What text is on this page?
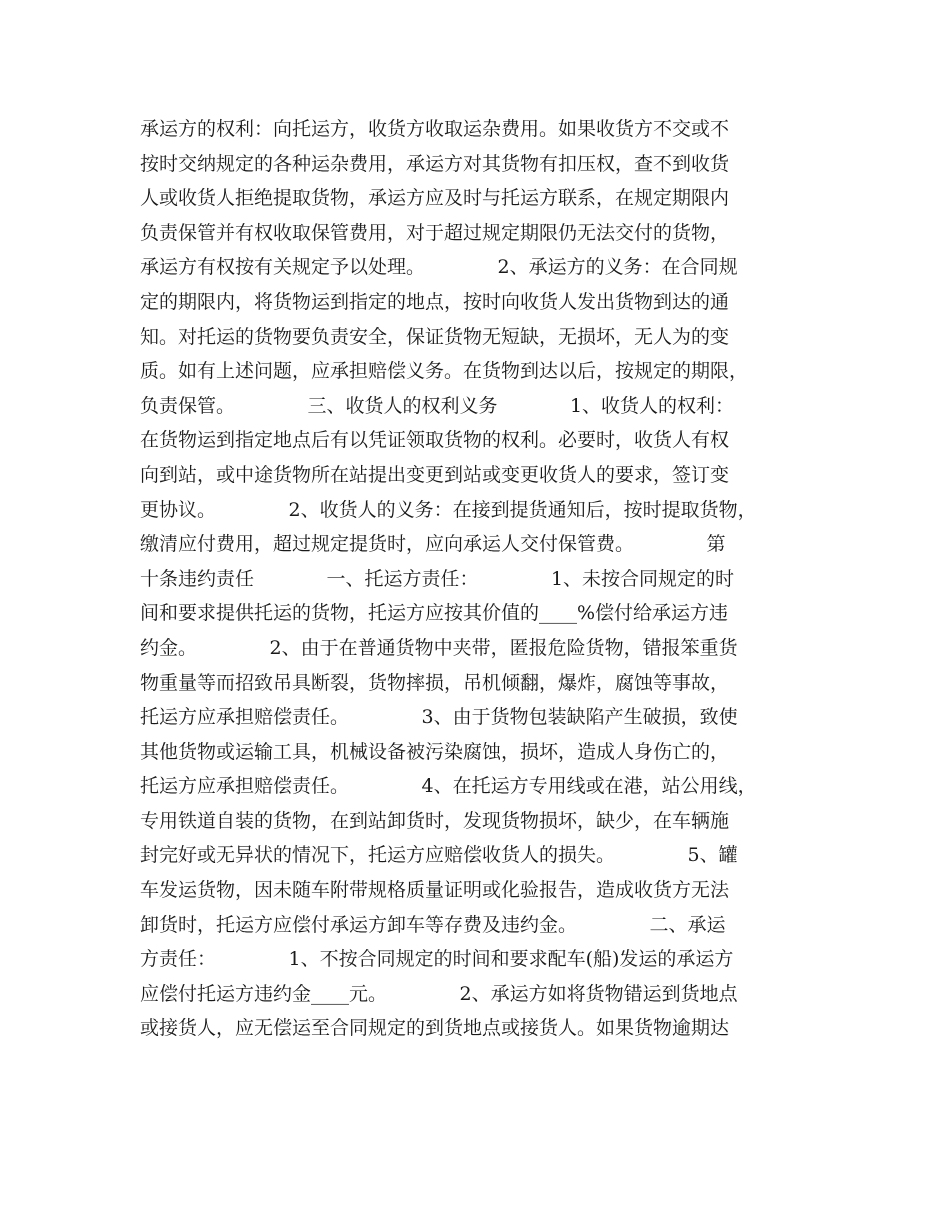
承运方的权利：向托运方，收货方收取运杂费用。如果收货方不交或不
按时交纳规定的各种运杂费用，承运方对其货物有扣压权，查不到收货
人或收货人拒绝提取货物，承运方应及时与托运方联系，在规定期限内
负责保管并有权收取保管费用，对于超过规定期限仍无法交付的货物，
承运方有权按有关规定予以处理。            2、承运方的义务：在合同规
定的期限内，将货物运到指定的地点，按时向收货人发出货物到达的通
知。对托运的货物要负责安全，保证货物无短缺，无损坏，无人为的变
质。如有上述问题，应承担赔偿义务。在货物到达以后，按规定的期限，
负责保管。            三、收货人的权利义务            1、收货人的权利：
在货物运到指定地点后有以凭证领取货物的权利。必要时，收货人有权
向到站，或中途货物所在站提出变更到站或变更收货人的要求，签订变
更协议。            2、收货人的义务：在接到提货通知后，按时提取货物，
缴清应付费用，超过规定提货时，应向承运人交付保管费。            第
十条违约责任            一、托运方责任：            1、未按合同规定的时
间和要求提供托运的货物，托运方应按其价值的____%偿付给承运方违
约金。            2、由于在普通货物中夹带，匿报危险货物，错报笨重货
物重量等而招致吊具断裂，货物摔损，吊机倾翻，爆炸，腐蚀等事故，
托运方应承担赔偿责任。            3、由于货物包装缺陷产生破损，致使
其他货物或运输工具，机械设备被污染腐蚀，损坏，造成人身伤亡的，
托运方应承担赔偿责任。            4、在托运方专用线或在港，站公用线，
专用铁道自装的货物，在到站卸货时，发现货物损坏，缺少，在车辆施
封完好或无异状的情况下，托运方应赔偿收货人的损失。            5、罐
车发运货物，因未随车附带规格质量证明或化验报告，造成收货方无法
卸货时，托运方应偿付承运方卸车等存费及违约金。            二、承运
方责任：            1、不按合同规定的时间和要求配车(船)发运的承运方
应偿付托运方违约金____元。            2、承运方如将货物错运到货地点
或接货人，应无偿运至合同规定的到货地点或接货人。如果货物逾期达
